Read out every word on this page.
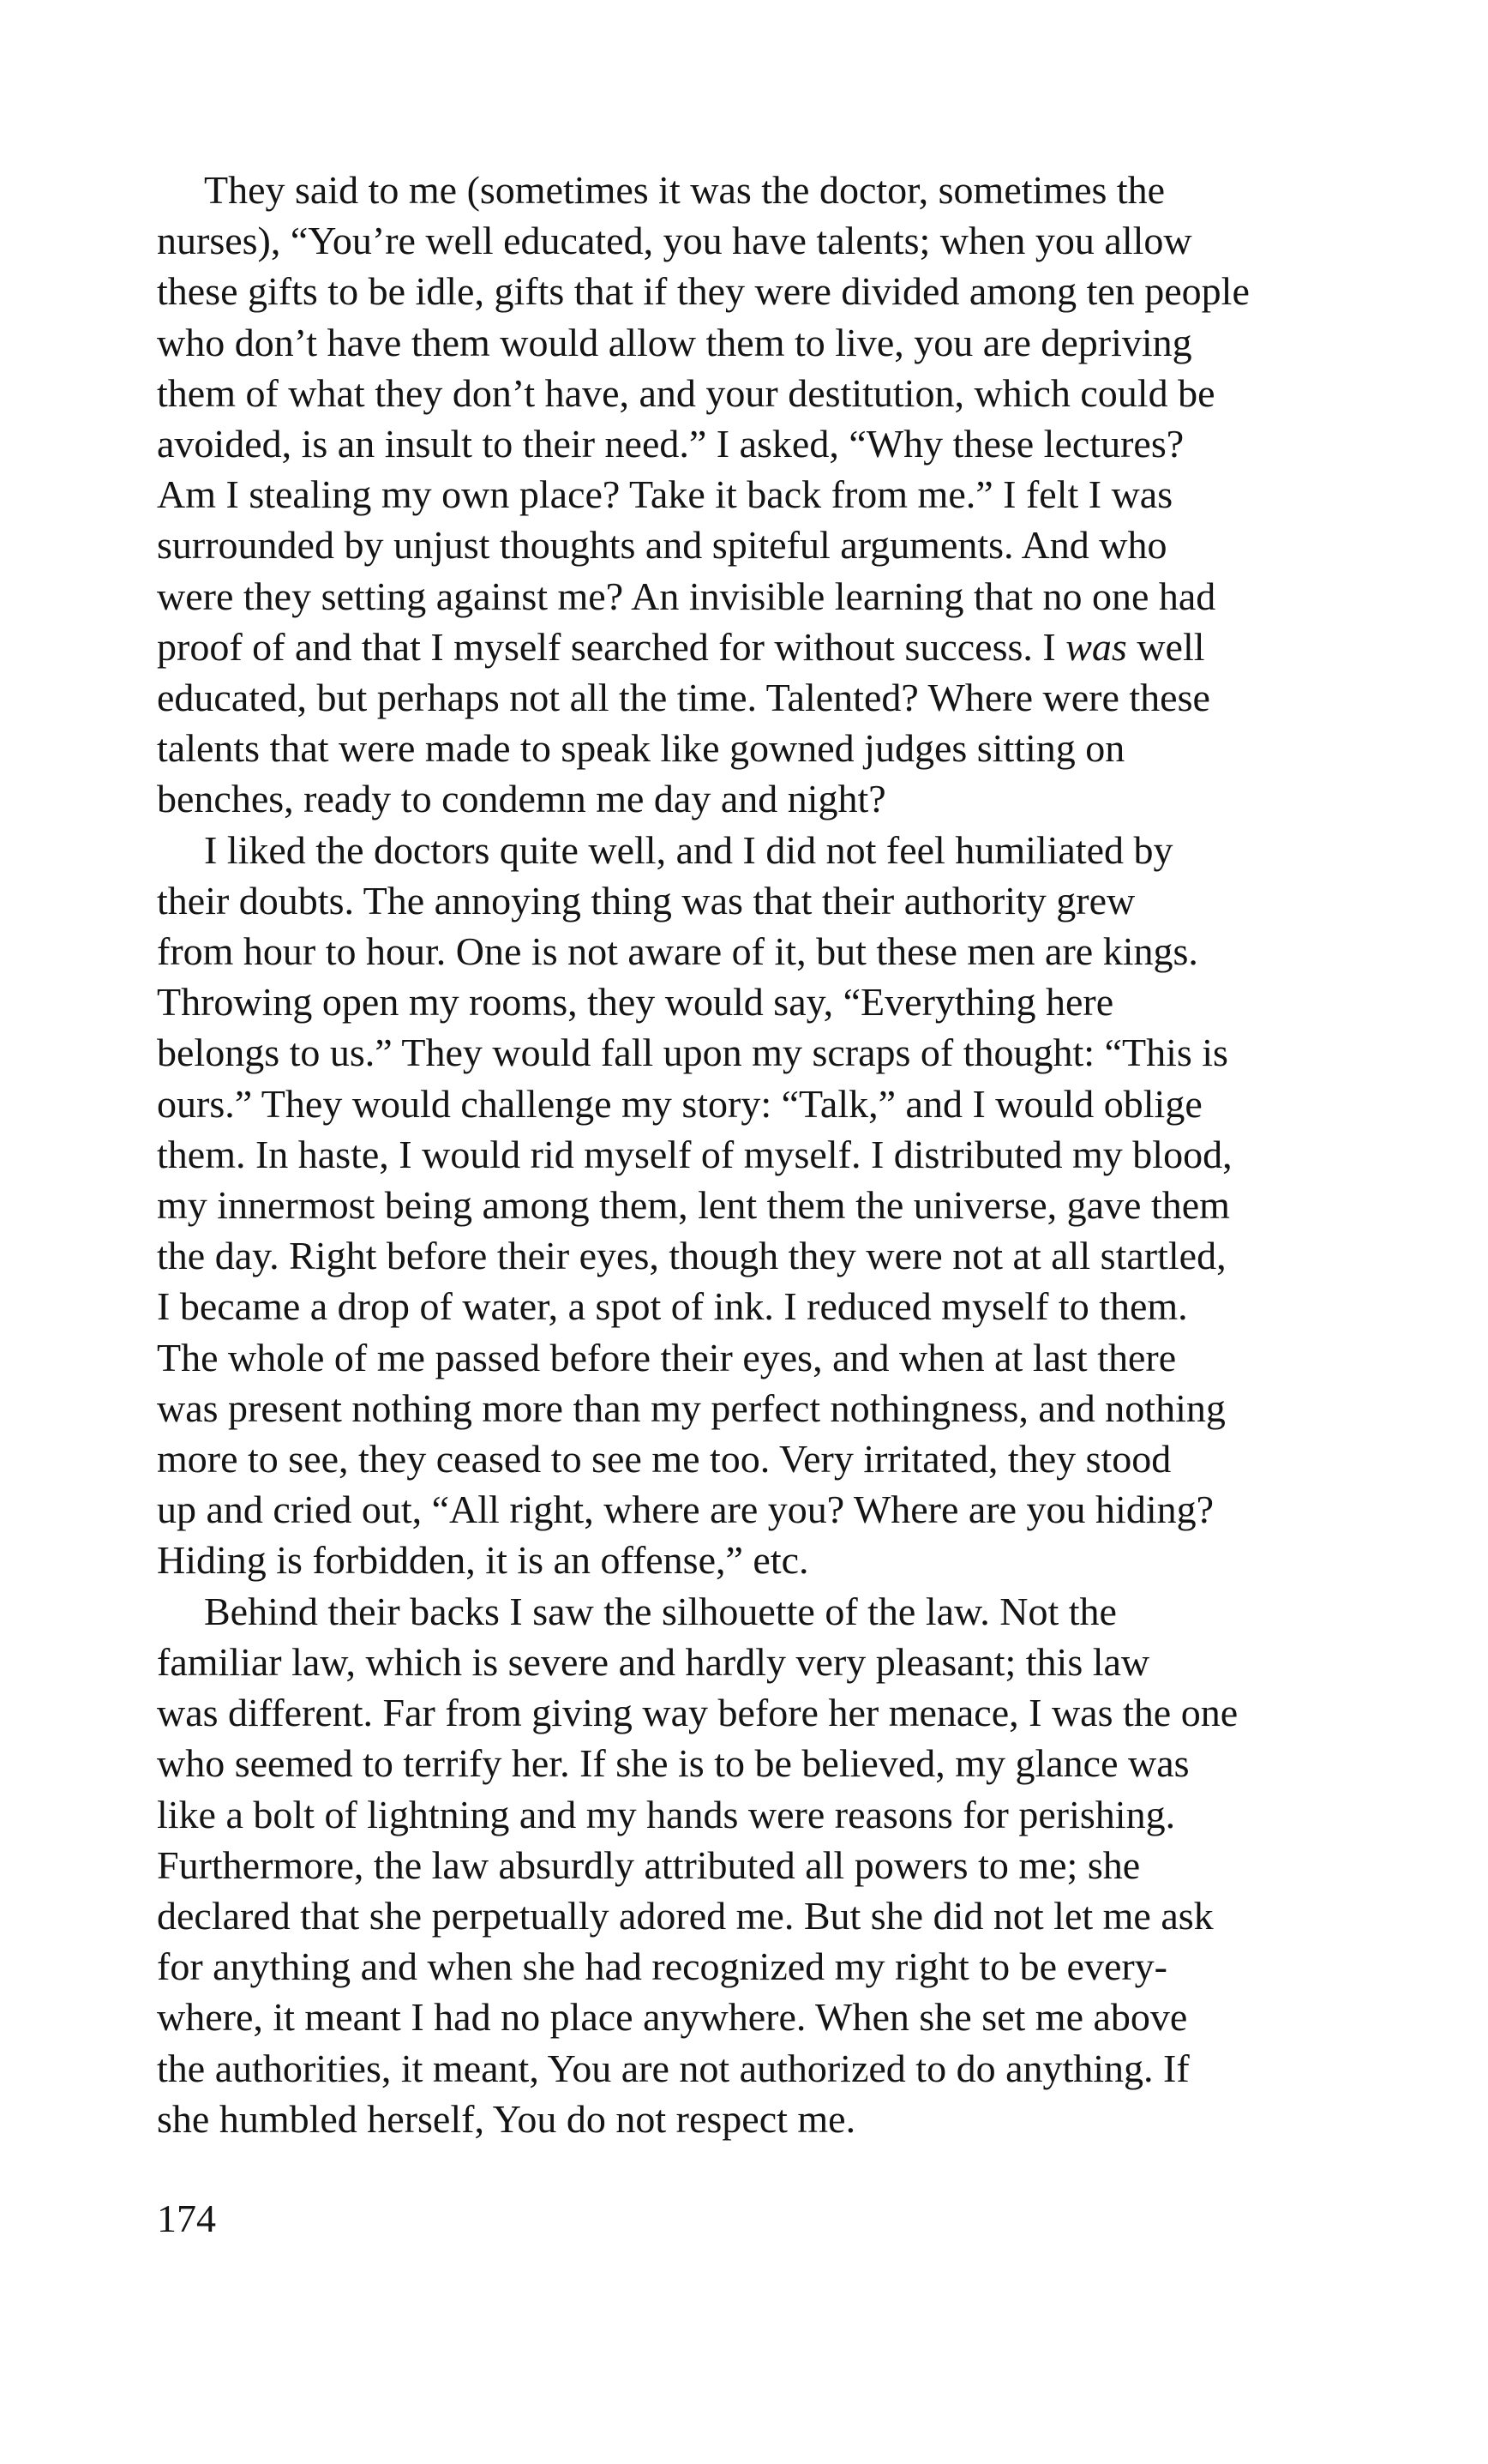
They said to me (sometimes it was the doctor, sometimes the
nurses), “You’re well educated, you have talents; when you allow
these gifts to be idle, gifts that if they were divided among ten people
who don’t have them would allow them to live, you are depriving
them of what they don’t have, and your destitution, which could be
avoided, is an insult to their need.” I asked, “Why these lectures?
Am I stealing my own place? Take it back from me.” I felt I was
surrounded by unjust thoughts and spiteful arguments. And who
were they setting against me? An invisible learning that no one had
proof of and that I myself searched for without success. I was well
educated, but perhaps not all the time. Talented? Where were these
talents that were made to speak like gowned judges sitting on
benches, ready to condemn me day and night?
I liked the doctors quite well, and I did not feel humiliated by
their doubts. The annoying thing was that their authority grew
from hour to hour. One is not aware of it, but these men are kings.
Throwing open my rooms, they would say, “Everything here
belongs to us.” They would fall upon my scraps of thought: “This is
ours.” They would challenge my story: “Talk,” and I would oblige
them. In haste, I would rid myself of myself. I distributed my blood,
my innermost being among them, lent them the universe, gave them
the day. Right before their eyes, though they were not at all startled,
I became a drop of water, a spot of ink. I reduced myself to them.
The whole of me passed before their eyes, and when at last there
was present nothing more than my perfect nothingness, and nothing
more to see, they ceased to see me too. Very irritated, they stood
up and cried out, “All right, where are you? Where are you hiding?
Hiding is forbidden, it is an offense,” etc.
Behind their backs I saw the silhouette of the law. Not the
familiar law, which is severe and hardly very pleasant; this law
was different. Far from giving way before her menace, I was the one
who seemed to terrify her. If she is to be believed, my glance was
like a bolt of lightning and my hands were reasons for perishing.
Furthermore, the law absurdly attributed all powers to me; she
declared that she perpetually adored me. But she did not let me ask
for anything and when she had recognized my right to be every-
where, it meant I had no place anywhere. When she set me above
the authorities, it meant, You are not authorized to do anything. If
she humbled herself, You do not respect me.
174
